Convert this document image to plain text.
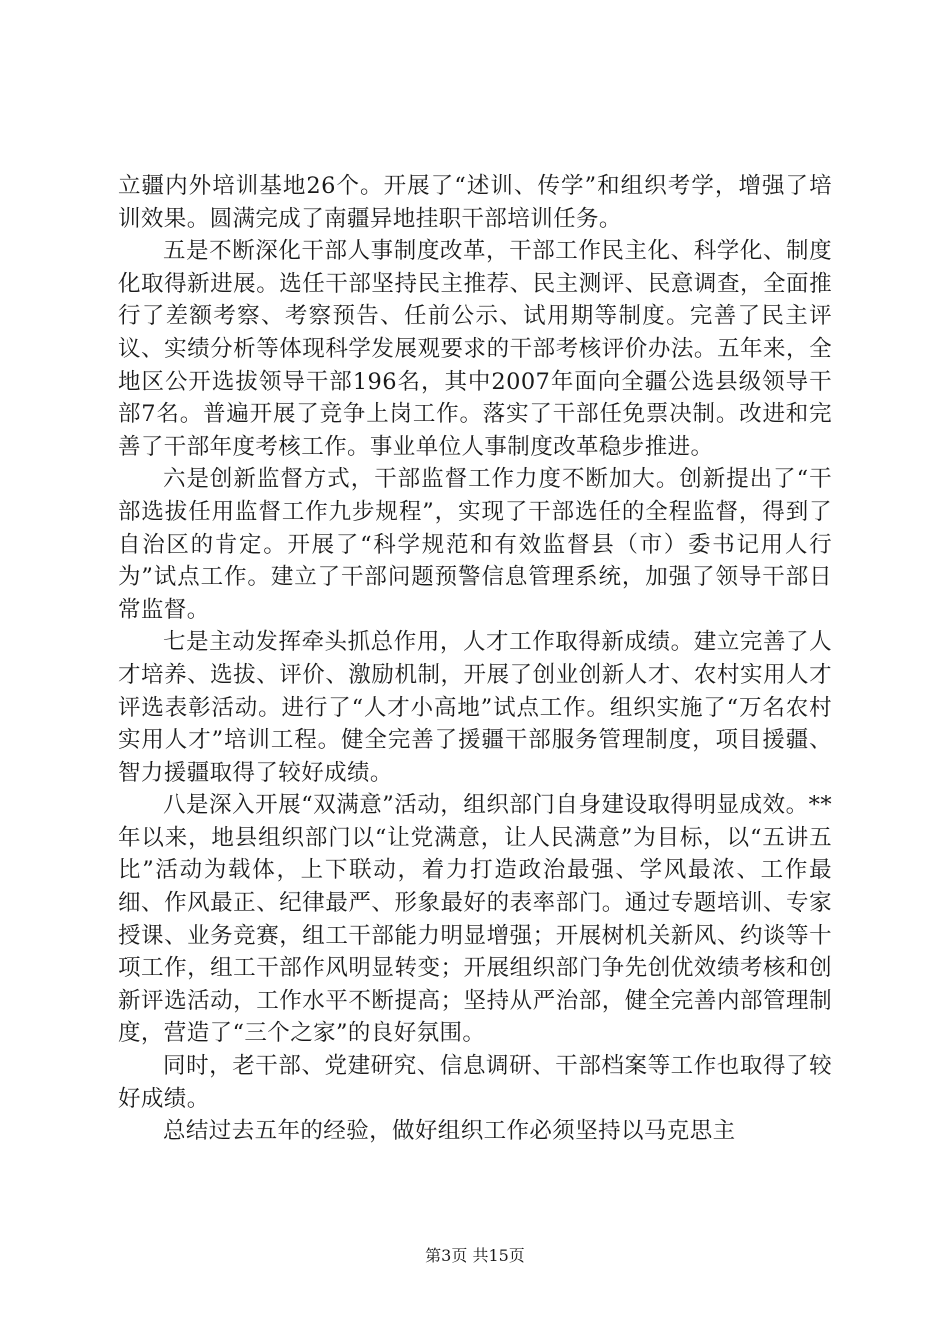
立疆内外培训基地26个。开展了“述训、传学”和组织考学，增强了培训效果。圆满完成了南疆异地挂职干部培训任务。

五是不断深化干部人事制度改革，干部工作民主化、科学化、制度化取得新进展。选任干部坚持民主推荐、民主测评、民意调查，全面推行了差额考察、考察预告、任前公示、试用期等制度。完善了民主评议、实绩分析等体现科学发展观要求的干部考核评价办法。五年来，全地区公开选拔领导干部196名，其中2007年面向全疆公选县级领导干部7名。普遍开展了竞争上岗工作。落实了干部任免票决制。改进和完善了干部年度考核工作。事业单位人事制度改革稳步推进。

六是创新监督方式，干部监督工作力度不断加大。创新提出了“干部选拔任用监督工作九步规程”，实现了干部选任的全程监督，得到了自治区的肯定。开展了“科学规范和有效监督县（市）委书记用人行为”试点工作。建立了干部问题预警信息管理系统，加强了领导干部日常监督。

七是主动发挥牵头抓总作用，人才工作取得新成绩。建立完善了人才培养、选拔、评价、激励机制，开展了创业创新人才、农村实用人才评选表彰活动。进行了“人才小高地”试点工作。组织实施了“万名农村实用人才”培训工程。健全完善了援疆干部服务管理制度，项目援疆、智力援疆取得了较好成绩。

八是深入开展“双满意”活动，组织部门自身建设取得明显成效。**年以来，地县组织部门以“让党满意，让人民满意”为目标，以“五讲五比”活动为载体，上下联动，着力打造政治最强、学风最浓、工作最细、作风最正、纪律最严、形象最好的表率部门。通过专题培训、专家授课、业务竞赛，组工干部能力明显增强；开展树机关新风、约谈等十项工作，组工干部作风明显转变；开展组织部门争先创优效绩考核和创新评选活动，工作水平不断提高；坚持从严治部，健全完善内部管理制度，营造了“三个之家”的良好氛围。

同时，老干部、党建研究、信息调研、干部档案等工作也取得了较好成绩。

总结过去五年的经验，做好组织工作必须坚持以马克思主

第3页 共15页
